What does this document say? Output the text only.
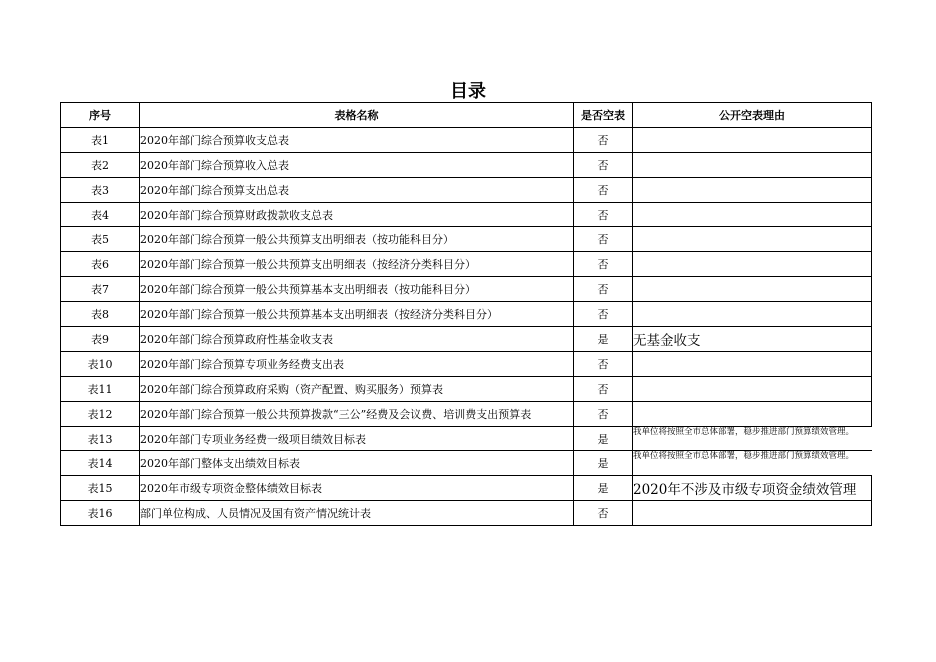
目录
序号	表格名称	是否空表	公开空表理由
表1	2020年部门综合预算收支总表	否	
表2	2020年部门综合预算收入总表	否	
表3	2020年部门综合预算支出总表	否	
表4	2020年部门综合预算财政拨款收支总表	否	
表5	2020年部门综合预算一般公共预算支出明细表（按功能科目分）	否	
表6	2020年部门综合预算一般公共预算支出明细表（按经济分类科目分）	否	
表7	2020年部门综合预算一般公共预算基本支出明细表（按功能科目分）	否	
表8	2020年部门综合预算一般公共预算基本支出明细表（按经济分类科目分）	否	
表9	2020年部门综合预算政府性基金收支表	是	无基金收支
表10	2020年部门综合预算专项业务经费支出表	否	
表11	2020年部门综合预算政府采购（资产配置、购买服务）预算表	否	
表12	2020年部门综合预算一般公共预算拨款“三公”经费及会议费、培训费支出预算表	否	
表13	2020年部门专项业务经费一级项目绩效目标表	是	我单位将按照全市总体部署，稳步推进部门预算绩效管理。

表14	2020年部门整体支出绩效目标表	是	我单位将按照全市总体部署，稳步推进部门预算绩效管理。

表15	2020年市级专项资金整体绩效目标表	是	2020年不涉及市级专项资金绩效管理
表16	部门单位构成、人员情况及国有资产情况统计表	否	
